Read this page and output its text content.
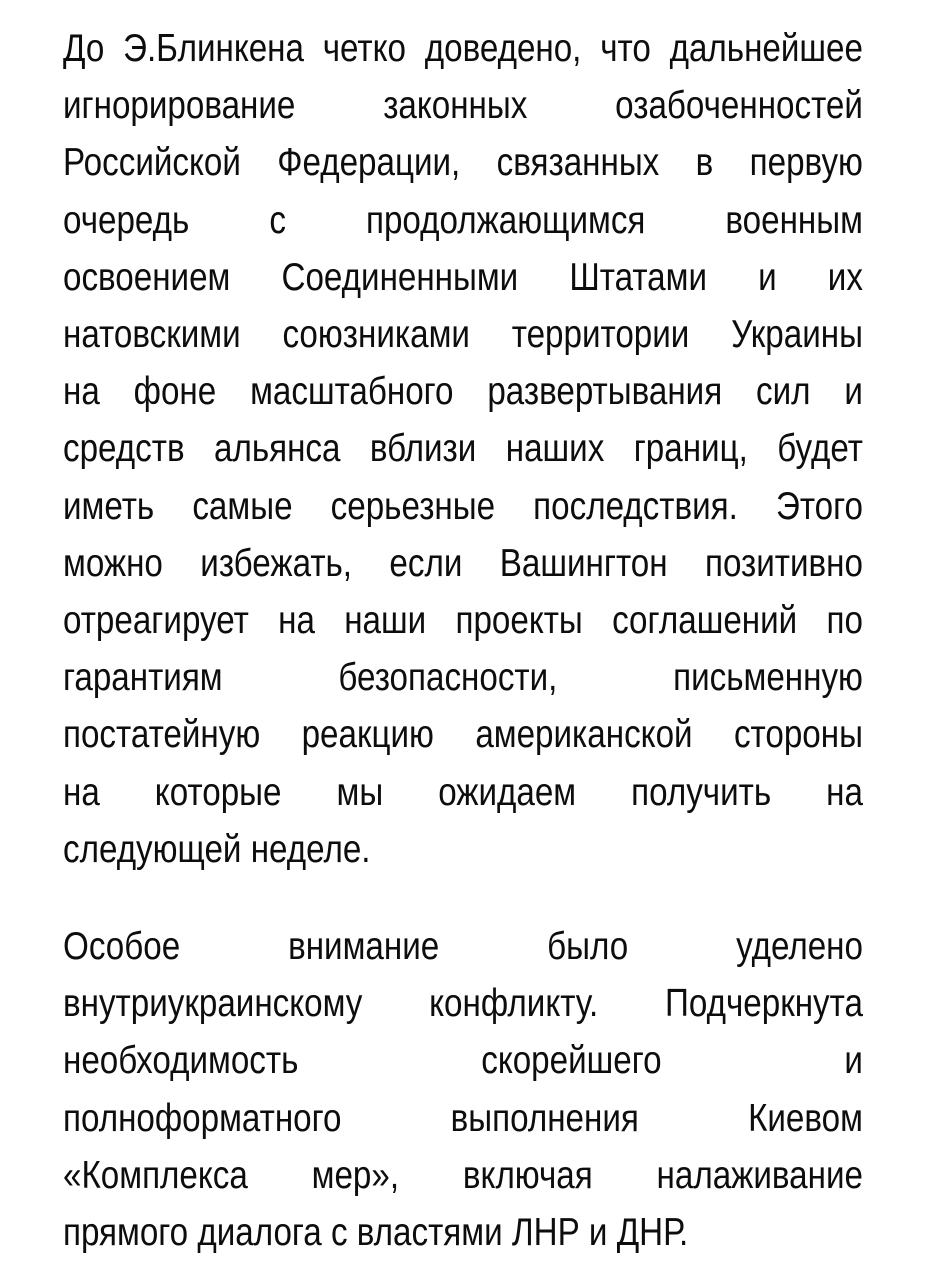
До Э.Блинкена четко доведено, что дальнейшее
игнорирование законных озабоченностей
Российской Федерации, связанных в первую
очередь с продолжающимся военным
освоением Соединенными Штатами и их
натовскими союзниками территории Украины
на фоне масштабного развертывания сил и
средств альянса вблизи наших границ, будет
иметь самые серьезные последствия. Этого
можно избежать, если Вашингтон позитивно
отреагирует на наши проекты соглашений по
гарантиям безопасности, письменную
постатейную реакцию американской стороны
на которые мы ожидаем получить на
следующей неделе.

Особое внимание было уделено
внутриукраинскому конфликту. Подчеркнута
необходимость скорейшего и
полноформатного выполнения Киевом
«Комплекса мер», включая налаживание
прямого диалога с властями ЛНР и ДНР.
